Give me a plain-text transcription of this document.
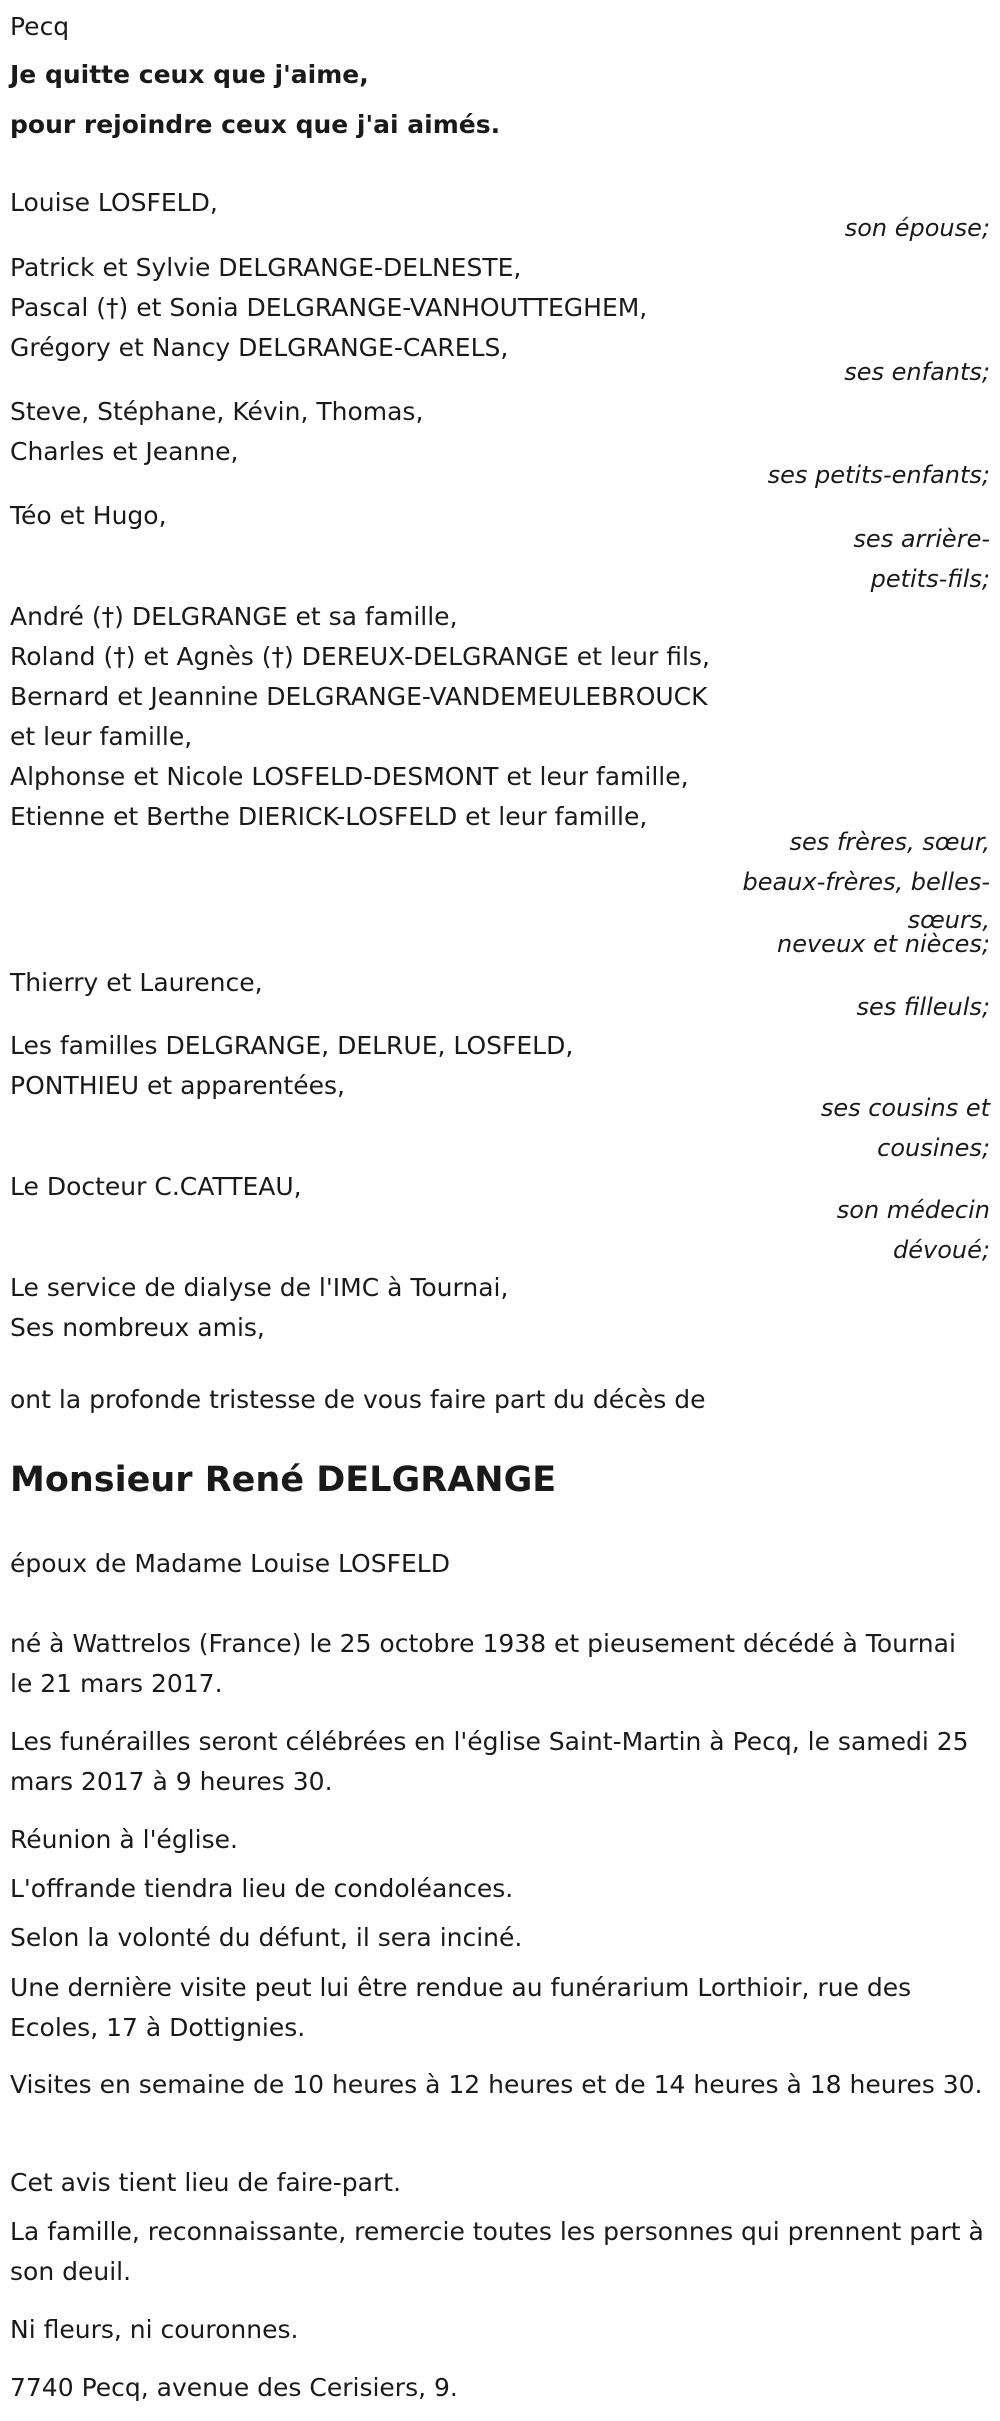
Pecq

Je quitte ceux que j'aime,

pour rejoindre ceux que j'ai aimés.

Louise LOSFELD,

son épouse;

Patrick et Sylvie DELGRANGE-DELNESTE,

Pascal (†) et Sonia DELGRANGE-VANHOUTTEGHEM,

Grégory et Nancy DELGRANGE-CARELS,

ses enfants;

Steve, Stéphane, Kévin, Thomas,

Charles et Jeanne,

ses petits-enfants;

Téo et Hugo,

ses arrière-

petits-fils;

André (†) DELGRANGE et sa famille,

Roland (†) et Agnès (†) DEREUX-DELGRANGE et leur fils,

Bernard et Jeannine DELGRANGE-VANDEMEULEBROUCK

et leur famille,

Alphonse et Nicole LOSFELD-DESMONT et leur famille,

Etienne et Berthe DIERICK-LOSFELD et leur famille,

ses frères, sœur,

beaux-frères, belles-

sœurs,

neveux et nièces;

Thierry et Laurence,

ses filleuls;

Les familles DELGRANGE, DELRUE, LOSFELD,

PONTHIEU et apparentées,

ses cousins et

cousines;

Le Docteur C.CATTEAU,

son médecin

dévoué;

Le service de dialyse de l'IMC à Tournai,

Ses nombreux amis,

ont la profonde tristesse de vous faire part du décès de

Monsieur René DELGRANGE

époux de Madame Louise LOSFELD

né à Wattrelos (France) le 25 octobre 1938 et pieusement décédé à Tournai le 21 mars 2017.

Les funérailles seront célébrées en l'église Saint-Martin à Pecq, le samedi 25 mars 2017 à 9 heures 30.

Réunion à l'église.

L'offrande tiendra lieu de condoléances.

Selon la volonté du défunt, il sera inciné.

Une dernière visite peut lui être rendue au funérarium Lorthioir, rue des Ecoles, 17 à Dottignies.

Visites en semaine de 10 heures à 12 heures et de 14 heures à 18 heures 30.

Cet avis tient lieu de faire-part.

La famille, reconnaissante, remercie toutes les personnes qui prennent part à son deuil.

Ni fleurs, ni couronnes.

7740 Pecq, avenue des Cerisiers, 9.
